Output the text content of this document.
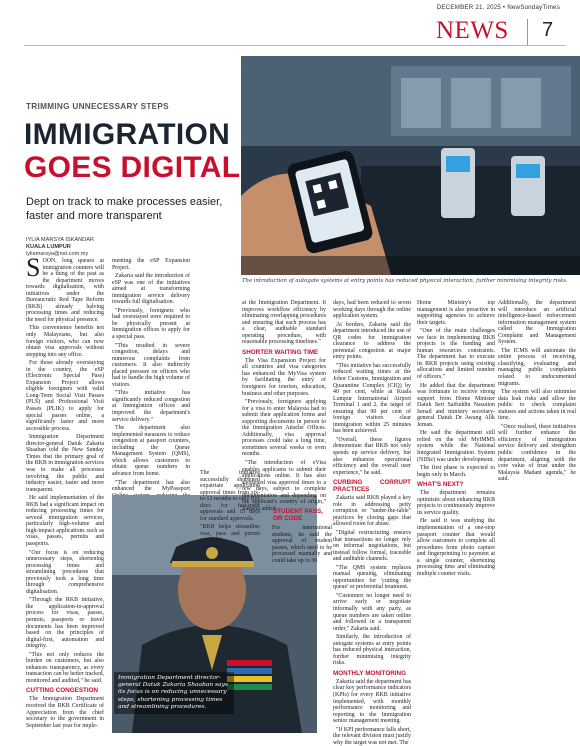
DECEMBER 21, 2025 • NewSundayTimes
NEWS 7
TRIMMING UNNECESSARY STEPS
IMMIGRATION
GOES DIGITAL
Dept on track to make processes easier, faster and more transparent
IYLIA MARSYA ISKANDAR
KUALA LUMPUR
iyliamarsya@nst.com.my
The introduction of autogate systems at entry points has reduced physical interaction, further minimising integrity risks.

SOON, long queues at immigration counters will be a thing of the past as the department moves towards digitalisation, with initiatives under the Bureaucratic Red Tape Reform (RKB) already halving processing times and reducing the need for physical presence.

This convenience benefits not only Malaysians, but also foreign visitors, who can now obtain visa approvals without stepping into any office.

For those already overstaying in the country, the eSP (Electronic Special Pass) Expansion Project allows eligible foreigners with valid Long-Term Social Visit Passes (PLS) and Professional Visit Passes (PLIK) to apply for special passes online, a significantly faster and more accessible process.

Immigration Department director-general Datuk Zakaria Shaaban told the New Sunday Times that the primary goal of the RKB in immigration services was to make all processes involving the public and industry easier, faster and more transparent.

He said implementation of the RKB had a significant impact on reducing processing times for several immigration services, particularly high-volume and high-impact applications such as visas, passes, permits and passports.

"Our focus is on reducing unnecessary steps, shortening processing times and streamlining procedures that previously took a long time through comprehensive digitalisation.

"Through the RKB initiative, the application-to-approval process for visas, passes, permits, passports or travel documents has been improved based on the principles of digital-first, automation and integrity.

"This not only reduces the burden on customers, but also enhances transparency, as every transaction can be better tracked, monitored and audited," he said.

CUTTING CONGESTION

The Immigration Department received the RKB Certificate of Appreciation from the chief secretary to the government in September last year for imple-

menting the eSP Expansion Project.

Zakaria said the introduction of eSP was one of the initiatives aimed at transforming immigration service delivery towards full digitalisation.

"Previously, foreigners who had overstayed were required to be physically present at Immigration offices to apply for a special pass.

"This resulted in severe congestion, delays and numerous complaints from customers. It also indirectly placed pressure on officers who had to handle the high volume of visitors.

"This initiative has significantly reduced congestion at Immigration offices and improved the department's service delivery."

The department also implemented measures to reduce congestion at passport counters, including the Queue Management System (QMS), which allows customers to obtain queue numbers in advance from home.

"The department has also enhanced the MyPassport

Immigration Department director-general Datuk Zakaria Shaaban says its focus is on reducing unnecessary steps, shortening processing times and streamlining procedures.

The initiative successfully shortened expatriate application approval times from six-to-12 months to only five days for fast-track approvals and 15 days for standard approvals.

"RKB helps streamline visa, pass and permit processes

at the Immigration Department. It improves workflow efficiency by eliminating overlapping procedures and ensuring that each process has a clear, auditable standard operating procedure, with reasonable processing timelines."

SHORTER WAITING TIME

The Visa Expansion Project for all countries and visa categories has enhanced the MyVisa system by facilitating the entry of foreigners for tourism, education, business and other purposes.

"Previously, foreigners applying for a visa to enter Malaysia had to submit their application forms and supporting documents in person to the Immigration Attaché Offices. Additionally, visa approval processes could take a long time, sometimes several weeks or even months.

"The introduction of eVisa enables applicants to submit their applications online. It has also shortened visa approval times to a few days, subject to complete documentation and depending on the applicant's country of origin," Zakaria added.

STUDENT PASS, OR CODE
For international students, he said the approval of student passes, which used to be processed manually and could take up to 30

days, had been reduced to seven working days through the online application system.

At borders, Zakaria said the department introduced the use of QR codes for immigration clearance to address the perennial congestion at major entry points.

"This initiative has successfully reduced waiting times at the Johor Customs, Immigration and Quarantine Complex (CIQ) by 40 per cent, while at Kuala Lumpur International Airport Terminal 1 and 2, the target of ensuring that 90 per cent of foreign visitors clear immigration within 25 minutes has been achieved.

"Overall, these figures demonstrate that RKB not only speeds up service delivery, but also enhances operational efficiency and the overall user experience," he said.

CURBING CORRUPT PRACTICES

Zakaria said RKB played a key role in addressing petty corruption or "under-the-table" practices by closing gaps that allowed room for abuse.

"Digital restructuring ensures that transactions no longer rely on informal negotiations, but instead follow formal, traceable and auditable channels.

"The QMS system replaces manual queuing, eliminating opportunities for 'cutting the queue' or preferential treatment.

"Customers no longer need to arrive early or negotiate informally with any party, as queue numbers are taken online and followed in a transparent order," Zakaria said.

Similarly, the introduction of autogate systems at entry points has reduced physical interaction, further minimising integrity risks.

MONTHLY MONITORING

Zakaria said the department has clear key performance indicators (KPIs) for every RKB initiative implemented, with monthly performance monitoring and reporting to the Immigration senior management meeting.

"If KPI performance falls short, the relevant division must justify why the target was not met. The

Home Ministry's top management is also proactive in supporting agencies to achieve their targets.

"One of the main challenges we face in implementing RKB projects is the funding and human resources constraints. The department has to execute its RKB projects using existing allocations and limited number of officers."

He added that the department was fortunate to receive strong support from Home Minister Datuk Seri Saifuddin Nasution Ismail and ministry secretary-general Datuk Dr Awang Alik Jeman.

He said the department still relied on the old MyIMMS system while the National Integrated Immigration System (NIISe) was under development.

The first phase is expected to begin only in March.

WHAT'S NEXT?

The department remains optimistic about enhancing RKB projects to continuously improve its service quality.

He said it was studying the implementation of a one-stop passport counter that would allow customers to complete all procedures from photo capture and fingerprinting to payment at a single counter, shortening processing time and eliminating multiple counter visits.

Additionally, the department will introduce an artificial intelligence-based enforcement information management system called the Immigration Complaint and Management System.

The ICMS will automate the entire process of receiving, classifying, evaluating and managing public complaints related to undocumented migrants.

The system will also minimise data leak risks and allow the public to check complaint statuses and actions taken in real time.

"Once realised, these initiatives will further enhance the efficiency of immigration service delivery and strengthen public confidence in the department, aligning with the core value of trust under the Malaysia Madani agenda," he said.
